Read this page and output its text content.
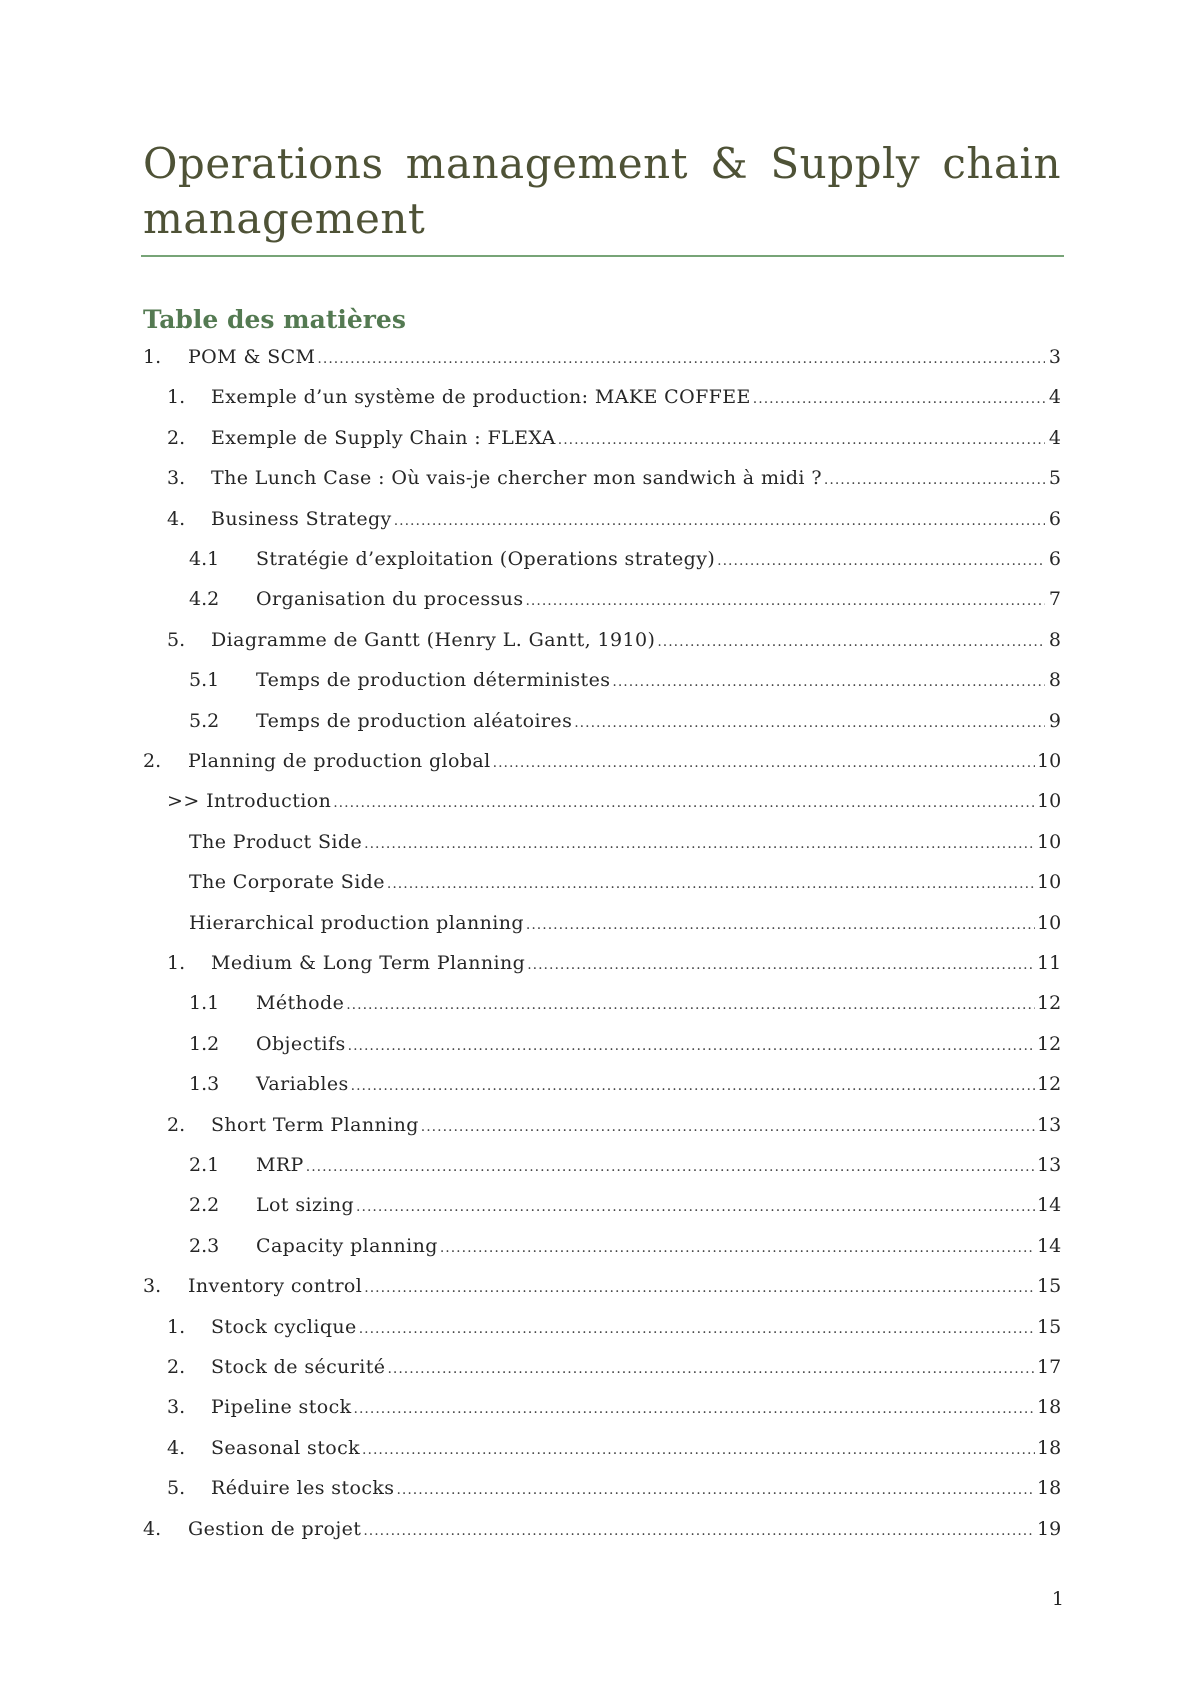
Operations management & Supply chain management
Table des matières
1.	POM & SCM .....	3
1.	Exemple d’un système de production: MAKE COFFEE .....	4
2.	Exemple de Supply Chain : FLEXA .....	4
3.	The Lunch Case : Où vais-je chercher mon sandwich à midi ? .....	5
4.	Business Strategy .....	6
4.1	Stratégie d’exploitation (Operations strategy) .....	6
4.2	Organisation du processus .....	7
5.	Diagramme de Gantt (Henry L. Gantt, 1910) .....	8
5.1	Temps de production déterministes .....	8
5.2	Temps de production aléatoires .....	9
2.	Planning de production global .....	10
>> Introduction .....	10
The Product Side .....	10
The Corporate Side .....	10
Hierarchical production planning .....	10
1.	Medium & Long Term Planning .....	11
1.1	Méthode .....	12
1.2	Objectifs .....	12
1.3	Variables .....	12
2.	Short Term Planning .....	13
2.1	MRP .....	13
2.2	Lot sizing .....	14
2.3	Capacity planning .....	14
3.	Inventory control .....	15
1.	Stock cyclique .....	15
2.	Stock de sécurité .....	17
3.	Pipeline stock .....	18
4.	Seasonal stock .....	18
5.	Réduire les stocks .....	18
4.	Gestion de projet .....	19
1
